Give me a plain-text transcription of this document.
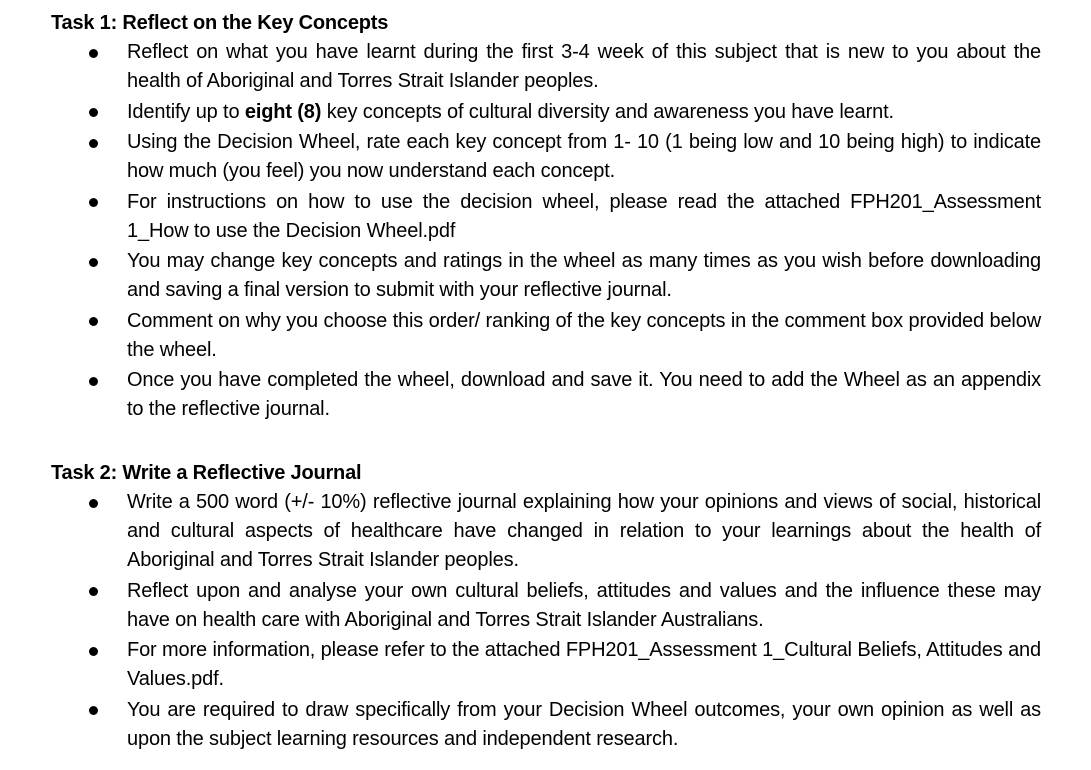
Task 1: Reflect on the Key Concepts
Reflect on what you have learnt during the first 3-4 week of this subject that is new to you about the health of Aboriginal and Torres Strait Islander peoples.
Identify up to eight (8) key concepts of cultural diversity and awareness you have learnt.
Using the Decision Wheel, rate each key concept from 1- 10 (1 being low and 10 being high) to indicate how much (you feel) you now understand each concept.
For instructions on how to use the decision wheel, please read the attached FPH201_Assessment 1_How to use the Decision Wheel.pdf
You may change key concepts and ratings in the wheel as many times as you wish before downloading and saving a final version to submit with your reflective journal.
Comment on why you choose this order/ ranking of the key concepts in the comment box provided below the wheel.
Once you have completed the wheel, download and save it. You need to add the Wheel as an appendix to the reflective journal.
Task 2: Write a Reflective Journal
Write a 500 word (+/- 10%) reflective journal explaining how your opinions and views of social, historical and cultural aspects of healthcare have changed in relation to your learnings about the health of Aboriginal and Torres Strait Islander peoples.
Reflect upon and analyse your own cultural beliefs, attitudes and values and the influence these may have on health care with Aboriginal and Torres Strait Islander Australians.
For more information, please refer to the attached FPH201_Assessment 1_Cultural Beliefs, Attitudes and Values.pdf.
You are required to draw specifically from your Decision Wheel outcomes, your own opinion as well as upon the subject learning resources and independent research.
